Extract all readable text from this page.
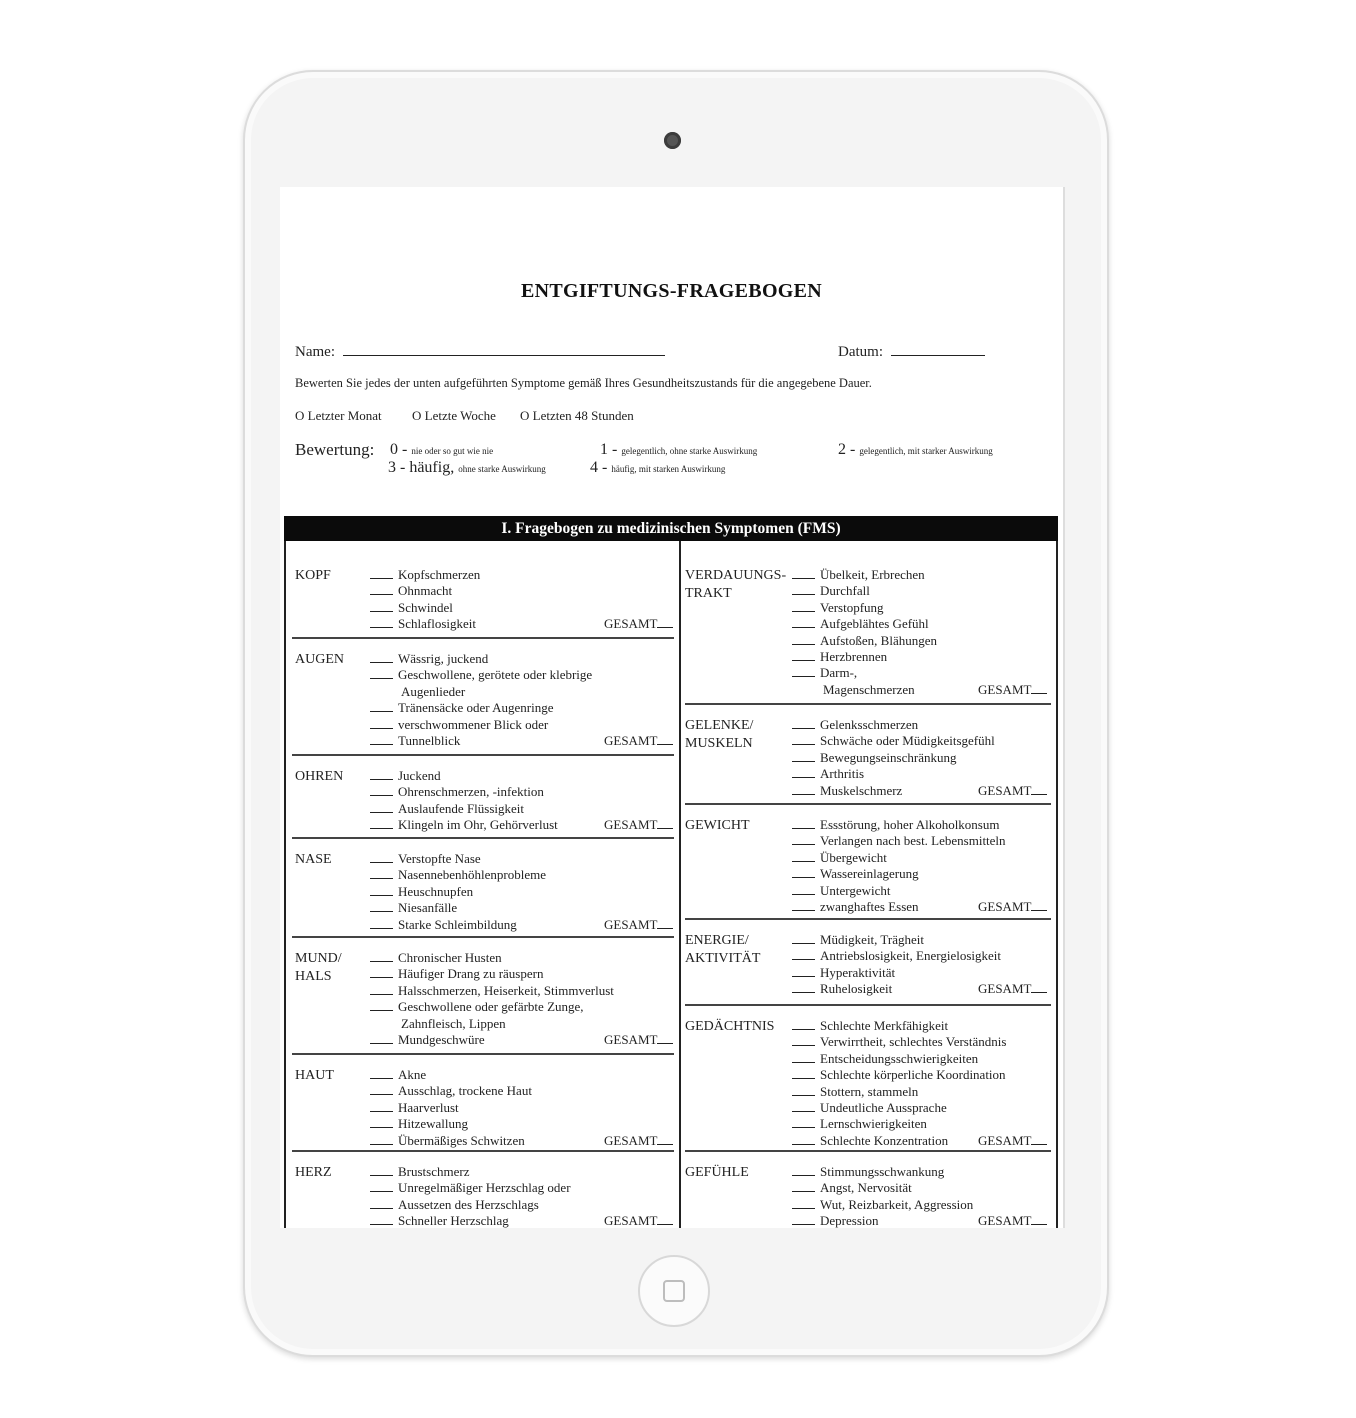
ENTGIFTUNGS-FRAGEBOGEN
Name:	Datum:
Bewerten Sie jedes der unten aufgeführten Symptome gemäß Ihres Gesundheitszustands für die angegebene Dauer.
O Letzter Monat O Letzte Woche O Letzten 48 Stunden
Bewertung: 0 - nie oder so gut wie nie	1 - gelegentlich, ohne starke Auswirkung	2 - gelegentlich, mit starker Auswirkung
3 - häufig, ohne starke Auswirkung	4 - häufig, mit starken Auswirkung
I. Fragebogen zu medizinischen Symptomen (FMS)
KOPF	Kopfschmerzen
Ohnmacht
Schwindel
Schlaflosigkeit	GESAMT
AUGEN	Wässrig, juckend
Geschwollene, gerötete oder klebrige
Augenlieder
Tränensäcke oder Augenringe
verschwommener Blick oder
Tunnelblick	GESAMT
OHREN	Juckend
Ohrenschmerzen, -infektion
Auslaufende Flüssigkeit
Klingeln im Ohr, Gehörverlust	GESAMT
NASE	Verstopfte Nase
Nasennebenhöhlenprobleme
Heuschnupfen
Niesanfälle
Starke Schleimbildung	GESAMT
MUND/
HALS
Chronischer Husten
Häufiger Drang zu räuspern
Halsschmerzen, Heiserkeit, Stimmverlust
Geschwollene oder gefärbte Zunge,
Zahnfleisch, Lippen
Mundgeschwüre	GESAMT
HAUT	Akne
Ausschlag, trockene Haut
Haarverlust
Hitzewallung
Übermäßiges Schwitzen	GESAMT
HERZ	Brustschmerz
Unregelmäßiger Herzschlag oder
Aussetzen des Herzschlags
Schneller Herzschlag	GESAMT
VERDAUUNGS-
TRAKT
Übelkeit, Erbrechen
Durchfall
Verstopfung
Aufgeblähtes Gefühl
Aufstoßen, Blähungen
Herzbrennen
Darm-,
Magenschmerzen	GESAMT
GELENKE/
MUSKELN
Gelenksschmerzen
Schwäche oder Müdigkeitsgefühl
Bewegungseinschränkung
Arthritis
Muskelschmerz	GESAMT
GEWICHT	Essstörung, hoher Alkoholkonsum
Verlangen nach best. Lebensmitteln
Übergewicht
Wassereinlagerung
Untergewicht
zwanghaftes Essen	GESAMT
ENERGIE/
AKTIVITÄT
Müdigkeit, Trägheit
Antriebslosigkeit, Energielosigkeit
Hyperaktivität
Ruhelosigkeit	GESAMT
GEDÄCHTNIS	Schlechte Merkfähigkeit
Verwirrtheit, schlechtes Verständnis
Entscheidungsschwierigkeiten
Schlechte körperliche Koordination
Stottern, stammeln
Undeutliche Aussprache
Lernschwierigkeiten
Schlechte Konzentration	GESAMT
GEFÜHLE	Stimmungsschwankung
Angst, Nervosität
Wut, Reizbarkeit, Aggression
Depression	GESAMT
